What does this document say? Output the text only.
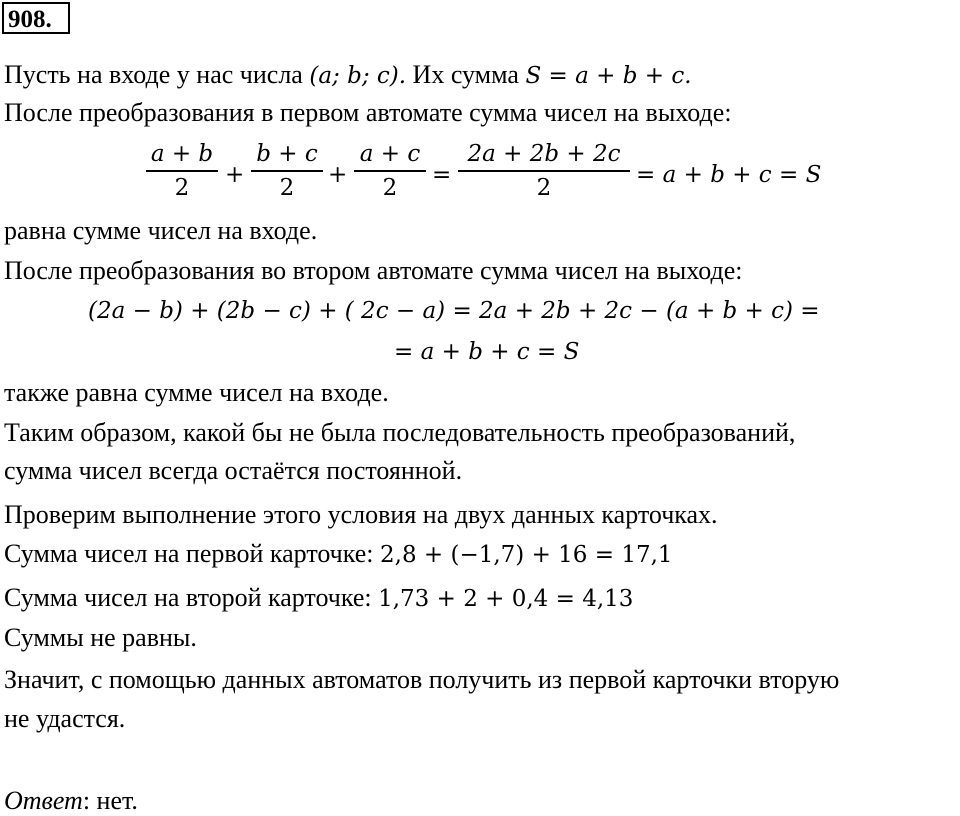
908.
Пусть на входе у нас числа (a; b; c). Их сумма S = a + b + c.
После преобразования в первом автомате сумма чисел на выходе:
a + b
2	+
b + c
2	+
a + c
2	=
2a + 2b + 2c
2	= a + b + c = S
равна сумме чисел на входе.
После преобразования во втором автомате сумма чисел на выходе:
(2a − b) + (2b − c) + ( 2c − a) = 2a + 2b + 2c − (a + b + c) =
= a + b + c = S
также равна сумме чисел на входе.
Таким образом, какой бы не была последовательность преобразований,
сумма чисел всегда остаётся постоянной.
Проверим выполнение этого условия на двух данных карточках.
Сумма чисел на первой карточке: 2,8 + (−1,7) + 16 = 17,1
Сумма чисел на второй карточке: 1,73 + 2 + 0,4 = 4,13
Суммы не равны.
Значит, с помощью данных автоматов получить из первой карточки вторую
не удастся.
Ответ: нет.
